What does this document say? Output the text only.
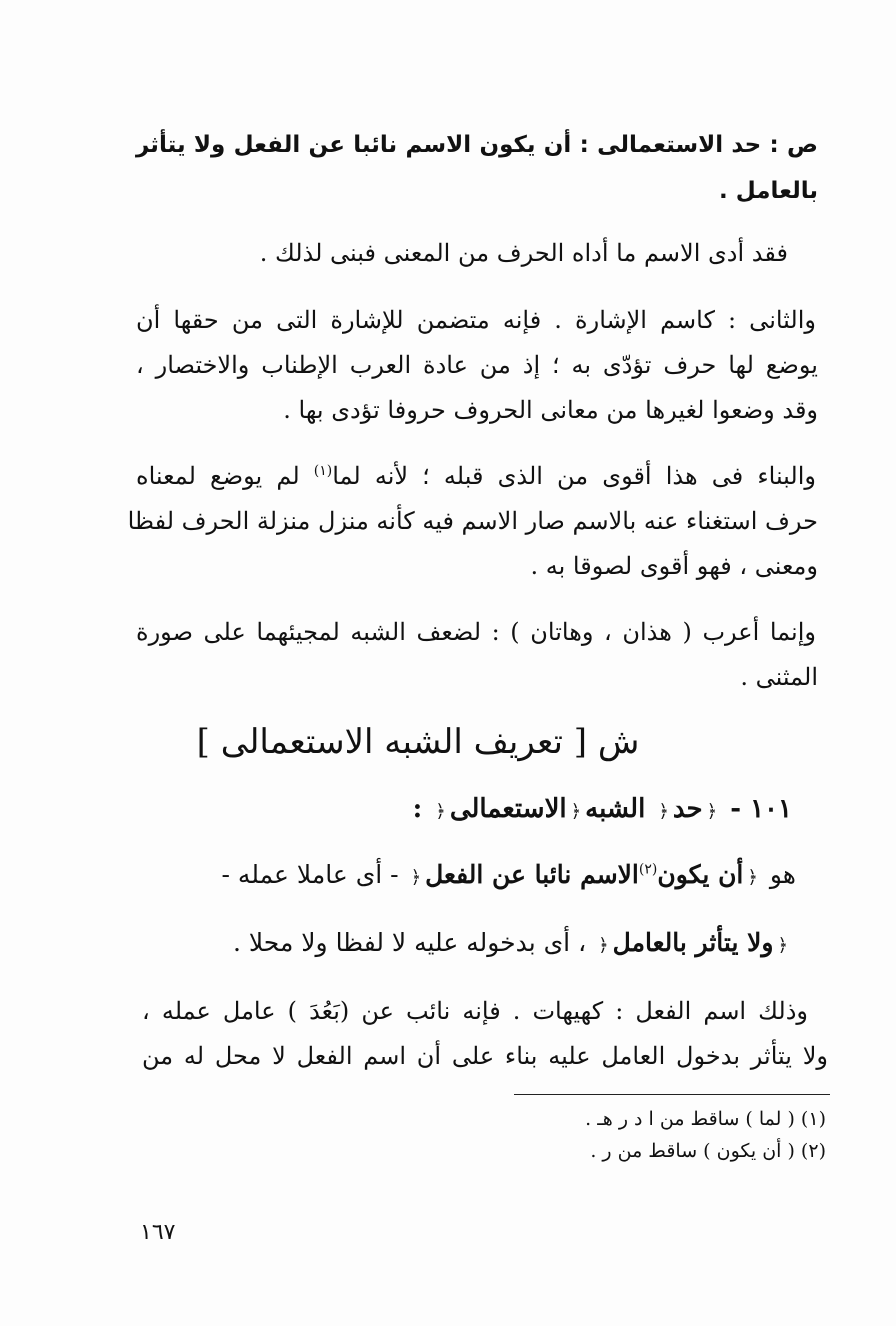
ص : حد الاستعمالى : أن يكون الاسم نائبا عن الفعل ولا يتأثر
بالعامل .
فقد أدى الاسم ما أداه الحرف من المعنى فبنى لذلك .
والثانى : كاسم الإشارة . فإنه متضمن للإشارة التى من حقها أن
يوضع لها حرف تؤدّى به ؛ إذ من عادة العرب الإطناب والاختصار ،
وقد وضعوا لغيرها من معانى الحروف حروفا تؤدى بها .
والبناء فى هذا أقوى من الذى قبله ؛ لأنه لما$^{(١)}$ لم يوضع لمعناه
حرف استغناء عنه بالاسم صار الاسم فيه كأنه منزل منزلة الحرف لفظا
ومعنى ، فهو أقوى لصوقا به .
وإنما أعرب ( هذان ، وهاتان ) : لضعف الشبه لمجيئهما على صورة
المثنى .
ش [ تعريف الشبه الاستعمالى ]
١٠١ - ﴿حد﴿ الشبه﴿الاستعمالى﴿ :
هو ﴿أن يكون$^{(٢)}$الاسم نائبا عن الفعل﴿ - أى عاملا عمله -
﴿ولا يتأثر بالعامل﴿ ، أى بدخوله عليه لا لفظا ولا محلا .
وذلك اسم الفعل : كهيهات . فإنه نائب عن (بَعُدَ ) عامل عمله ،
ولا يتأثر بدخول العامل عليه بناء على أن اسم الفعل لا محل له من
(١) ( لما ) ساقط من ا د ر هـ .
(٢) ( أن يكون ) ساقط من ر .
١٦٧
